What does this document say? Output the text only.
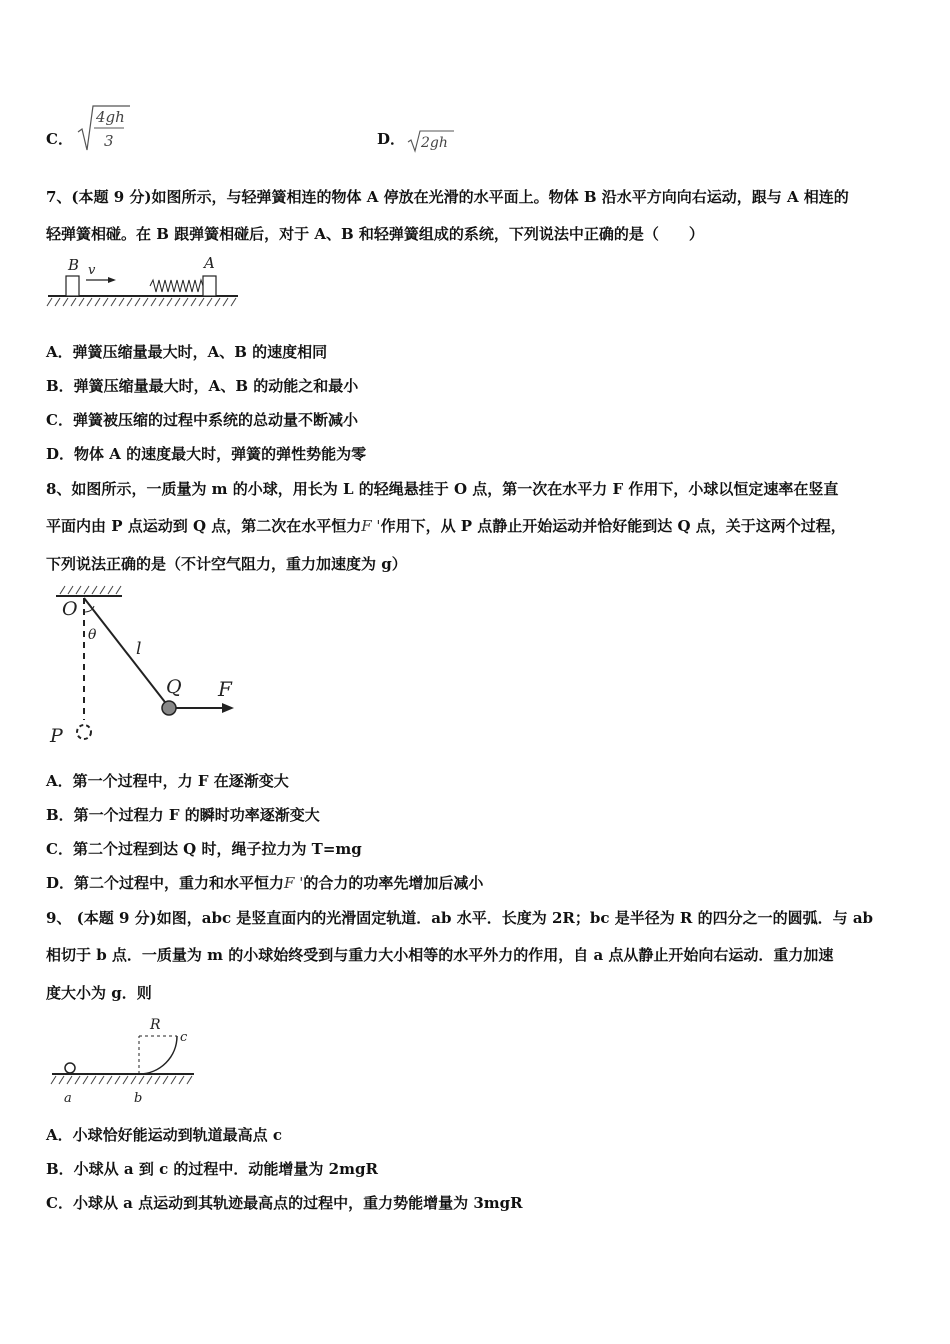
C．
4gh
3	D． 2gh
7、(本题 9 分)如图所示，与轻弹簧相连的物体 A 停放在光滑的水平面上。物体 B 沿水平方向向右运动，跟与 A 相连的
轻弹簧相碰。在 B 跟弹簧相碰后，对于 A、B 和轻弹簧组成的系统，下列说法中正确的是（　　）
B v	A
A．弹簧压缩量最大时，A、B 的速度相同
B．弹簧压缩量最大时，A、B 的动能之和最小
C．弹簧被压缩的过程中系统的总动量不断减小
D．物体 A 的速度最大时，弹簧的弹性势能为零
8、如图所示，一质量为 m 的小球，用长为 L 的轻绳悬挂于 O 点，第一次在水平力 F 作用下，小球以恒定速率在竖直
平面内由 P 点运动到 Q 点，第二次在水平恒力F '作用下，从 P 点静止开始运动并恰好能到达 Q 点，关于这两个过程，
下列说法正确的是（不计空气阻力，重力加速度为 g）
O
θ
l
Q F
P
A．第一个过程中，力 F 在逐渐变大
B．第一个过程力 F 的瞬时功率逐渐变大
C．第二个过程到达 Q 时，绳子拉力为 T=mg
D．第二个过程中，重力和水平恒力F '的合力的功率先增加后减小
9、 (本题 9 分)如图，abc 是竖直面内的光滑固定轨道．ab 水平．长度为 2R；bc 是半径为 R 的四分之一的圆弧．与 ab
相切于 b 点．一质量为 m 的小球始终受到与重力大小相等的水平外力的作用，自 a 点从静止开始向右运动．重力加速
度大小为 g．则
R
c
a	b
A．小球恰好能运动到轨道最高点 c
B．小球从 a 到 c 的过程中．动能增量为 2mgR
C．小球从 a 点运动到其轨迹最高点的过程中，重力势能增量为 3mgR
